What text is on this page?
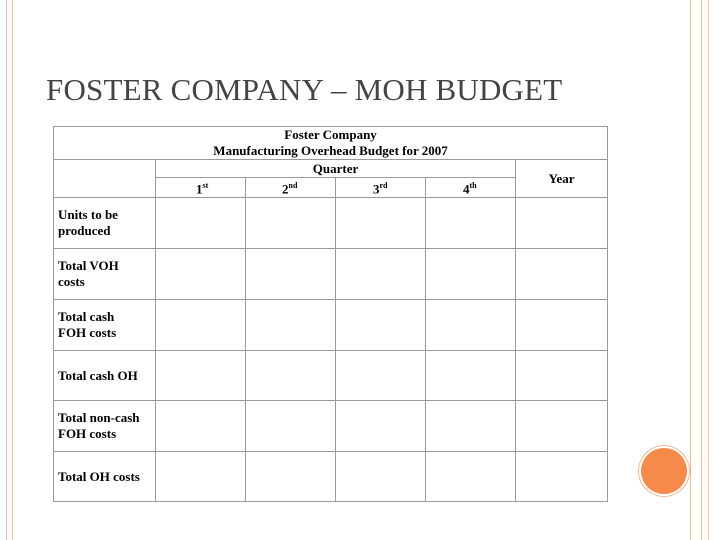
FOSTER COMPANY – MOH BUDGET
Foster Company
Manufacturing Overhead Budget for 2007					

	Quarter				Year
	1st	2nd	3rd	4th

Units to be
produced					

Total VOH
costs					

Total cash
FOH costs					

Total cash OH					

Total non-cash
FOH costs					

Total OH costs					
